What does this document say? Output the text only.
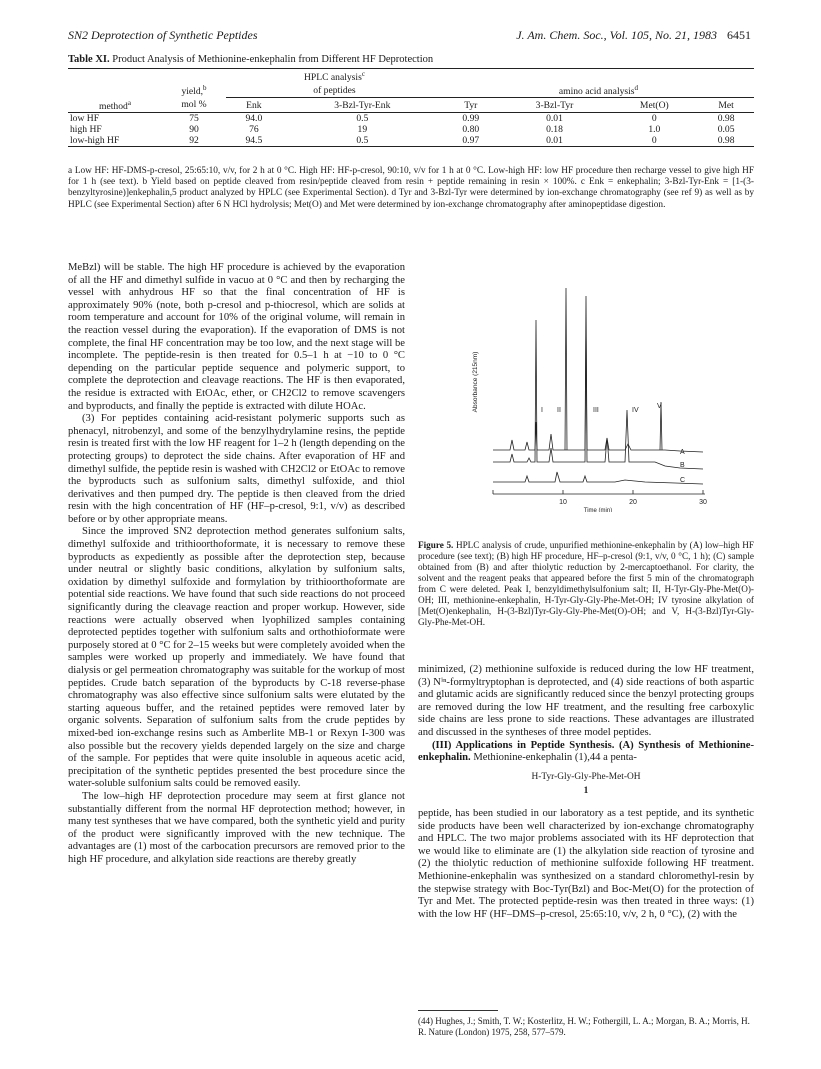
SN2 Deprotection of Synthetic Peptides	J. Am. Chem. Soc., Vol. 105, No. 21, 1983 6451
Table XI. Product Analysis of Methionine-enkephalin from Different HF Deprotection
		HPLC analysis$^c$	
	yield,$^b$	of peptides		amino acid analysis$^d$
method$^a$	mol %	Enk	3-Bzl-Tyr-Enk	Tyr	3-Bzl-Tyr	Met(O)	Met
low HF	75	94.0	0.5	0.99	0.01	0	0.98
high HF	90	76	19	0.80	0.18	1.0	0.05
low-high HF	92	94.5	0.5	0.97	0.01	0	0.98
a Low HF: HF-DMS-p-cresol, 25:65:10, v/v, for 2 h at 0 °C. High HF: HF-p-cresol, 90:10, v/v for 1 h at 0 °C. Low-high HF: low HF procedure then recharge vessel to give high HF for 1 h (see text). b Yield based on peptide cleaved from resin/peptide cleaved from resin + peptide remaining in resin × 100%. c Enk = enkephalin; 3-Bzl-Tyr-Enk = [1-(3-benzyltyrosine)]enkephalin,5 product analyzed by HPLC (see Experimental Section). d Tyr and 3-Bzl-Tyr were determined by ion-exchange chromatography (see ref 9) as well as by HPLC (see Experimental Section) after 6 N HCl hydrolysis; Met(O) and Met were determined by ion-exchange chromatography after aminopeptidase digestion.

MeBzl) will be stable. The high HF procedure is achieved by the evaporation of all the HF and dimethyl sulfide in vacuo at 0 °C and then by recharging the vessel with anhydrous HF so that the final concentration of HF is approximately 90% (note, both p-cresol and p-thiocresol, which are solids at room temperature and account for 10% of the original volume, will remain in the reaction vessel during the evaporation). If the evaporation of DMS is not complete, the final HF concentration may be too low, and the next stage will be incomplete. The peptide-resin is then treated for 0.5–1 h at −10 to 0 °C depending on the particular peptide sequence and polymeric support, to complete the deprotection and cleavage reactions. The HF is then evaporated, the residue is extracted with EtOAc, ether, or CH2Cl2 to remove scavengers and byproducts, and finally the peptide is extracted with dilute HOAc.

(3) For peptides containing acid-resistant polymeric supports such as phenacyl, nitrobenzyl, and some of the benzylhydrylamine resins, the peptide resin is treated first with the low HF reagent for 1–2 h (length depending on the protecting groups) to deprotect the side chains. After evaporation of HF and dimethyl sulfide, the peptide resin is washed with CH2Cl2 or EtOAc to remove the byproducts such as sulfonium salts, dimethyl sulfoxide, and thiol derivatives and then pumped dry. The peptide is then cleaved from the dried resin with the high concentration of HF (HF–p-cresol, 9:1, v/v) as described before or by other appropriate means.

Since the improved SN2 deprotection method generates sulfonium salts, dimethyl sulfoxide and trithioorthoformate, it is necessary to remove these byproducts as expediently as possible after the deprotection step, because under neutral or slightly basic conditions, alkylation by sulfonium salts, oxidation by dimethyl sulfoxide and formylation by trithioorthoformate are potential side reactions. We have found that such side reactions do not proceed significantly during the cleavage reaction and proper workup. However, side reactions were actually observed when lyophilized samples containing deprotected peptides together with sulfonium salts and orthothioformate were purposely stored at 0 °C for 2–15 weeks but were completely avoided when the samples were worked up properly and immediately. We have found that dialysis or gel permeation chromatography was suitable for the workup of most peptides. Crude batch separation of the byproducts by C-18 reverse-phase chromatography was also effective since sulfonium salts were elutated by the starting aqueous buffer, and the retained peptides were removed later by organic solvents. Separation of sulfonium salts from the crude peptides by mixed-bed ion-exchange resins such as Amberlite MB-1 or Rexyn I-300 was also possible but the recovery yields depended largely on the size and charge of the sample. For peptides that were quite insoluble in aqueous acetic acid, precipitation of the synthetic peptides presented the best procedure since the water-soluble sulfonium salts could be removed easily.

The low–high HF deprotection procedure may seem at first glance not substantially different from the normal HF deprotection method; however, in many test syntheses that we have compared, both the synthetic yield and purity of the product were significantly improved with the new technique. The advantages are (1) most of the carbocation precursors are removed prior to the high HF procedure, and alkylation side reactions are thereby greatly

Absorbance (215nm)	I II	III	IV
V
A
B
C
10	20	30
Time (min)
Figure 5. HPLC analysis of crude, unpurified methionine-enkephalin by (A) low–high HF procedure (see text); (B) high HF procedure, HF–p-cresol (9:1, v/v, 0 °C, 1 h); (C) sample obtained from (B) and after thiolytic reduction by 2-mercaptoethanol. For clarity, the solvent and the reagent peaks that appeared before the first 5 min of the chromatograph from C were deleted. Peak I, benzyldimethylsulfonium salt; II, H-Tyr-Gly-Phe-Met(O)-OH; III, methionine-enkephalin, H-Tyr-Gly-Gly-Phe-Met-OH; IV tyrosine alkylation of [Met(O)enkephalin, H-(3-Bzl)Tyr-Gly-Gly-Phe-Met(O)-OH; and V, H-(3-Bzl)Tyr-Gly-Gly-Phe-Met-OH.

minimized, (2) methionine sulfoxide is reduced during the low HF treatment, (3) Nⁱⁿ-formyltryptophan is deprotected, and (4) side reactions of both aspartic and glutamic acids are significantly reduced since the benzyl protecting groups are removed during the low HF treatment, and the resulting free carboxylic side chains are less prone to side reactions. These advantages are illustrated and discussed in the syntheses of three model peptides.

(III) Applications in Peptide Synthesis. (A) Synthesis of Methionine-enkephalin. Methionine-enkephalin (1),44 a penta-

H-Tyr-Gly-Gly-Phe-Met-OH
1

peptide, has been studied in our laboratory as a test peptide, and its synthetic side products have been well characterized by ion-exchange chromatography and HPLC. The two major problems associated with its HF deprotection that we would like to eliminate are (1) the alkylation side reaction of tyrosine and (2) the thiolytic reduction of methionine sulfoxide following HF treatment. Methionine-enkephalin was synthesized on a standard chloromethyl-resin by the stepwise strategy with Boc-Tyr(Bzl) and Boc-Met(O) for the protection of Tyr and Met. The protected peptide-resin was then treated in three ways: (1) with the low HF (HF–DMS–p-cresol, 25:65:10, v/v, 2 h, 0 °C), (2) with the

(44) Hughes, J.; Smith, T. W.; Kosterlitz, H. W.; Fothergill, L. A.; Morgan, B. A.; Morris, H. R. Nature (London) 1975, 258, 577–579.
